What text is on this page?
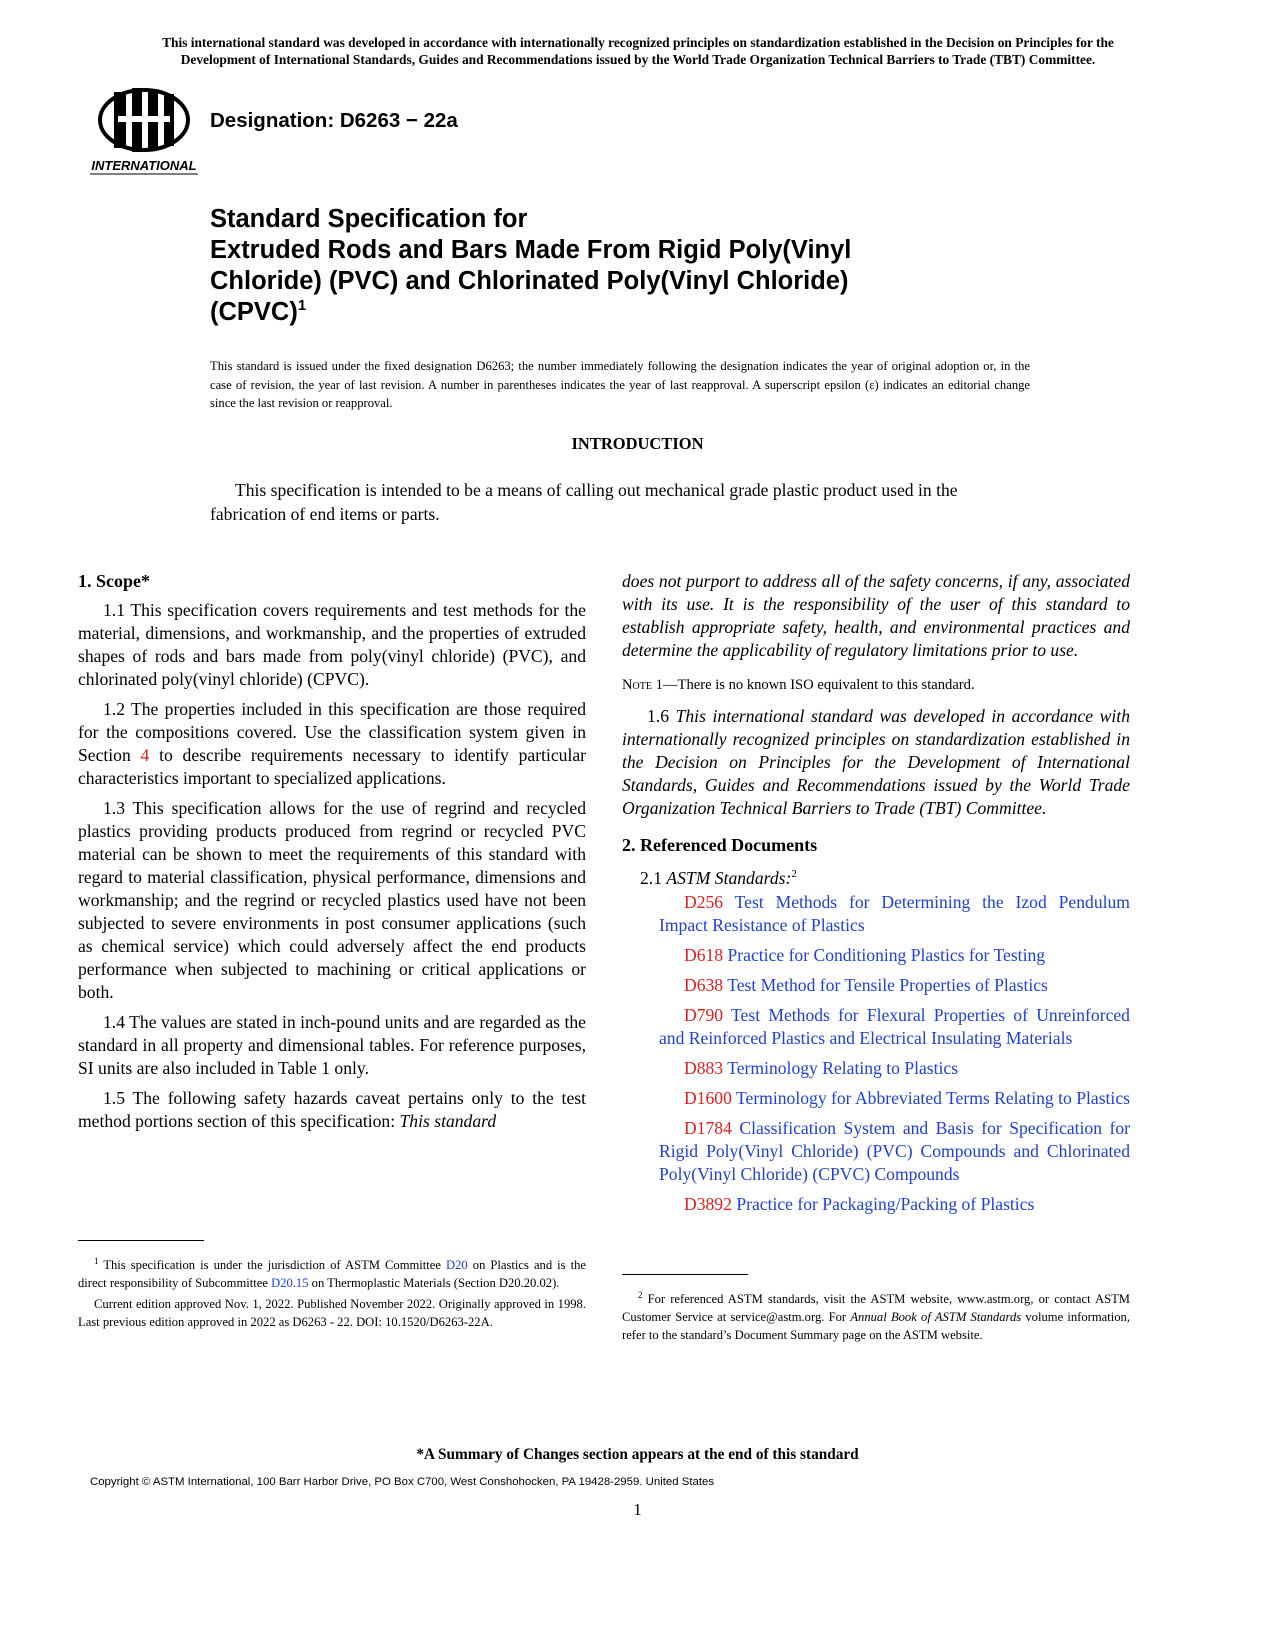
This international standard was developed in accordance with internationally recognized principles on standardization established in the Decision on Principles for the
Development of International Standards, Guides and Recommendations issued by the World Trade Organization Technical Barriers to Trade (TBT) Committee.
INTERNATIONAL
Designation: D6263 − 22a
Standard Specification for
Extruded Rods and Bars Made From Rigid Poly(Vinyl
Chloride) (PVC) and Chlorinated Poly(Vinyl Chloride)
(CPVC)$^1$
This standard is issued under the fixed designation D6263; the number immediately following the designation indicates the year of original adoption or, in the case of revision, the year of last revision. A number in parentheses indicates the year of last reapproval. A superscript epsilon (ε) indicates an editorial change since the last revision or reapproval.
INTRODUCTION
This specification is intended to be a means of calling out mechanical grade plastic product used in the fabrication of end items or parts.
1. Scope*

1.1 This specification covers requirements and test methods for the material, dimensions, and workmanship, and the properties of extruded shapes of rods and bars made from poly(vinyl chloride) (PVC), and chlorinated poly(vinyl chloride) (CPVC).

1.2 The properties included in this specification are those required for the compositions covered. Use the classification system given in Section 4 to describe requirements necessary to identify particular characteristics important to specialized applications.

1.3 This specification allows for the use of regrind and recycled plastics providing products produced from regrind or recycled PVC material can be shown to meet the requirements of this standard with regard to material classification, physical performance, dimensions and workmanship; and the regrind or recycled plastics used have not been subjected to severe environments in post consumer applications (such as chemical service) which could adversely affect the end products performance when subjected to machining or critical applications or both.

1.4 The values are stated in inch-pound units and are regarded as the standard in all property and dimensional tables. For reference purposes, SI units are also included in Table 1 only.

1.5 The following safety hazards caveat pertains only to the test method portions section of this specification: This standard

$^1$ This specification is under the jurisdiction of ASTM Committee D20 on Plastics and is the direct responsibility of Subcommittee D20.15 on Thermoplastic Materials (Section D20.20.02).

Current edition approved Nov. 1, 2022. Published November 2022. Originally approved in 1998. Last previous edition approved in 2022 as D6263 - 22. DOI: 10.1520/D6263-22A.

does not purport to address all of the safety concerns, if any, associated with its use. It is the responsibility of the user of this standard to establish appropriate safety, health, and environmental practices and determine the applicability of regulatory limitations prior to use.

Note 1—There is no known ISO equivalent to this standard.

1.6 This international standard was developed in accordance with internationally recognized principles on standardization established in the Decision on Principles for the Development of International Standards, Guides and Recommendations issued by the World Trade Organization Technical Barriers to Trade (TBT) Committee.

2. Referenced Documents

2.1 ASTM Standards:$^2$

D256 Test Methods for Determining the Izod Pendulum Impact Resistance of Plastics

D618 Practice for Conditioning Plastics for Testing

D638 Test Method for Tensile Properties of Plastics

D790 Test Methods for Flexural Properties of Unreinforced and Reinforced Plastics and Electrical Insulating Materials

D883 Terminology Relating to Plastics

D1600 Terminology for Abbreviated Terms Relating to Plastics

D1784 Classification System and Basis for Specification for Rigid Poly(Vinyl Chloride) (PVC) Compounds and Chlorinated Poly(Vinyl Chloride) (CPVC) Compounds

D3892 Practice for Packaging/Packing of Plastics

$^2$ For referenced ASTM standards, visit the ASTM website, www.astm.org, or contact ASTM Customer Service at service@astm.org. For Annual Book of ASTM Standards volume information, refer to the standard’s Document Summary page on the ASTM website.

*A Summary of Changes section appears at the end of this standard
Copyright © ASTM International, 100 Barr Harbor Drive, PO Box C700, West Conshohocken, PA 19428-2959. United States
1
